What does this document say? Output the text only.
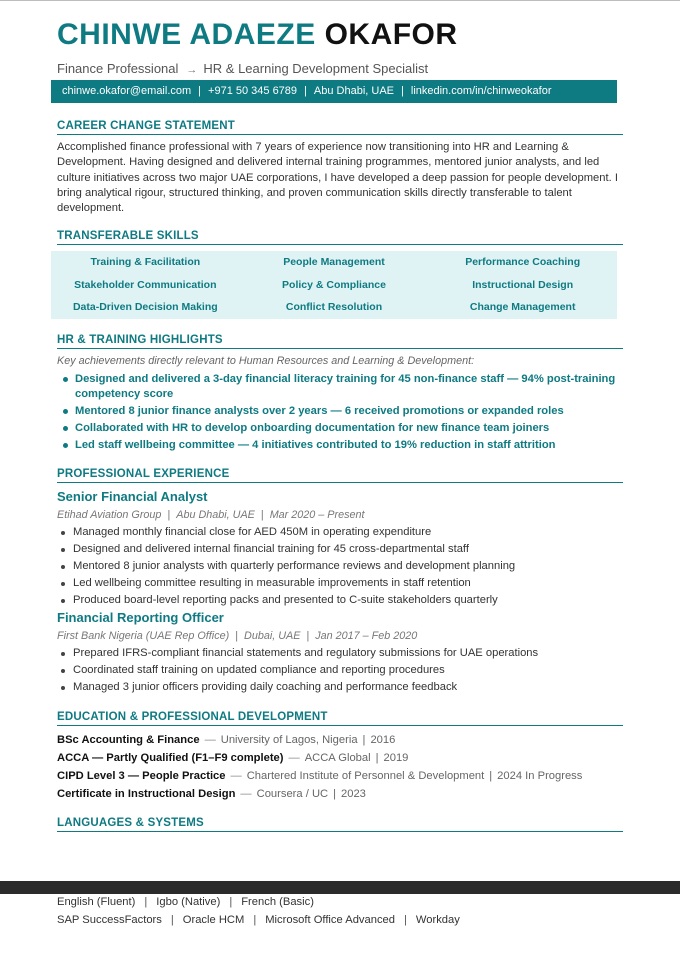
CHINWE ADAEZE OKAFOR
Finance Professional → HR & Learning Development Specialist
chinwe.okafor@email.com | +971 50 345 6789 | Abu Dhabi, UAE | linkedin.com/in/chinweokafor
CAREER CHANGE STATEMENT
Accomplished finance professional with 7 years of experience now transitioning into HR and Learning & Development. Having designed and delivered internal training programmes, mentored junior analysts, and led culture initiatives across two major UAE corporations, I have developed a deep passion for people development. I bring analytical rigour, structured thinking, and proven communication skills directly transferable to talent development.
TRANSFERABLE SKILLS
Training & Facilitation	People Management	Performance Coaching
Stakeholder Communication	Policy & Compliance	Instructional Design
Data-Driven Decision Making	Conflict Resolution	Change Management
HR & TRAINING HIGHLIGHTS
Key achievements directly relevant to Human Resources and Learning & Development:
Designed and delivered a 3-day financial literacy training for 45 non-finance staff — 94% post-training competency score
Mentored 8 junior finance analysts over 2 years — 6 received promotions or expanded roles
Collaborated with HR to develop onboarding documentation for new finance team joiners
Led staff wellbeing committee — 4 initiatives contributed to 19% reduction in staff attrition
PROFESSIONAL EXPERIENCE
Senior Financial Analyst
Etihad Aviation Group | Abu Dhabi, UAE | Mar 2020 – Present
Managed monthly financial close for AED 450M in operating expenditure
Designed and delivered internal financial training for 45 cross-departmental staff
Mentored 8 junior analysts with quarterly performance reviews and development planning
Led wellbeing committee resulting in measurable improvements in staff retention
Produced board-level reporting packs and presented to C-suite stakeholders quarterly
Financial Reporting Officer
First Bank Nigeria (UAE Rep Office) | Dubai, UAE | Jan 2017 – Feb 2020
Prepared IFRS-compliant financial statements and regulatory submissions for UAE operations
Coordinated staff training on updated compliance and reporting procedures
Managed 3 junior officers providing daily coaching and performance feedback
EDUCATION & PROFESSIONAL DEVELOPMENT
BSc Accounting & Finance — University of Lagos, Nigeria | 2016
ACCA — Partly Qualified (F1–F9 complete) — ACCA Global | 2019
CIPD Level 3 — People Practice — Chartered Institute of Personnel & Development | 2024 In Progress
Certificate in Instructional Design — Coursera / UC | 2023
LANGUAGES & SYSTEMS
English (Fluent) | Igbo (Native) | French (Basic)
SAP SuccessFactors | Oracle HCM | Microsoft Office Advanced | Workday
